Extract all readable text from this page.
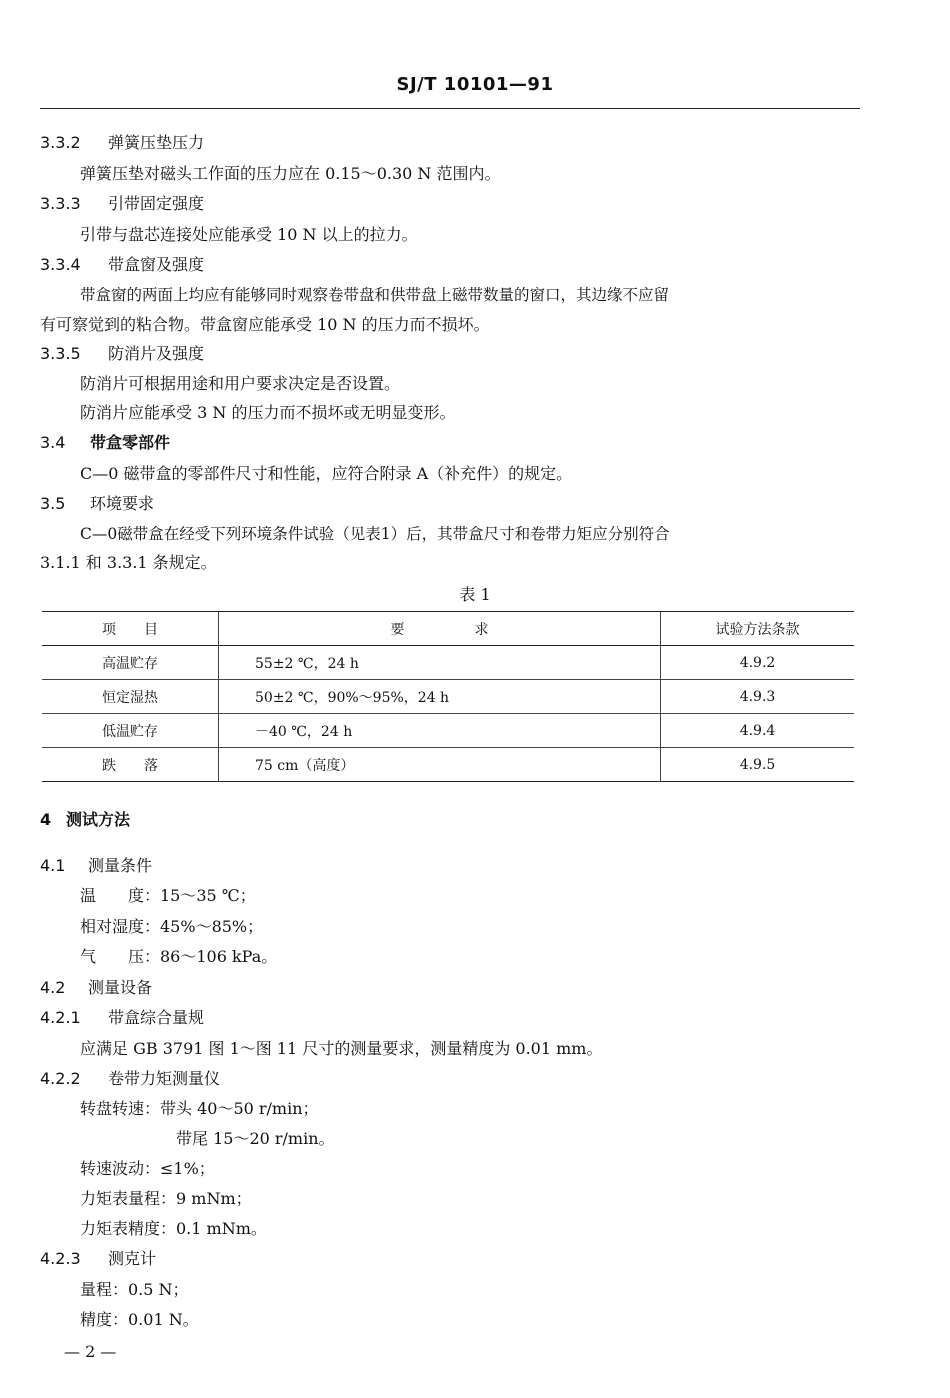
SJ/T 10101—91
3.3.2 弹簧压垫压力
弹簧压垫对磁头工作面的压力应在 0.15～0.30 N 范围内。
3.3.3 引带固定强度
引带与盘芯连接处应能承受 10 N 以上的拉力。
3.3.4 带盒窗及强度
带盒窗的两面上均应有能够同时观察卷带盘和供带盘上磁带数量的窗口，其边缘不应留
有可察觉到的粘合物。带盒窗应能承受 10 N 的压力而不损坏。
3.3.5 防消片及强度
防消片可根据用途和用户要求决定是否设置。
防消片应能承受 3 N 的压力而不损坏或无明显变形。
3.4 带盒零部件
C—0 磁带盒的零部件尺寸和性能，应符合附录 A（补充件）的规定。
3.5 环境要求
C—0磁带盒在经受下列环境条件试验（见表1）后，其带盒尺寸和卷带力矩应分别符合
3.1.1 和 3.3.1 条规定。
表 1
项　　目	要　　　　　求	试验方法条款
高温贮存	55±2 ℃，24 h	4.9.2
恒定湿热	50±2 ℃，90%～95%，24 h	4.9.3
低温贮存	－40 ℃，24 h	4.9.4
跌　　落	75 cm（高度）	4.9.5
4 测试方法
4.1 测量条件
温　　度：15～35 ℃；
相对湿度：45%～85%；
气　　压：86～106 kPa。
4.2 测量设备
4.2.1 带盒综合量规
应满足 GB 3791 图 1～图 11 尺寸的测量要求，测量精度为 0.01 mm。
4.2.2 卷带力矩测量仪
转盘转速：带头 40～50 r/min；
带尾 15～20 r/min。
转速波动：≤1%；
力矩表量程：9 mNm；
力矩表精度：0.1 mNm。
4.2.3 测克计
量程：0.5 N；
精度：0.01 N。
— 2 —
